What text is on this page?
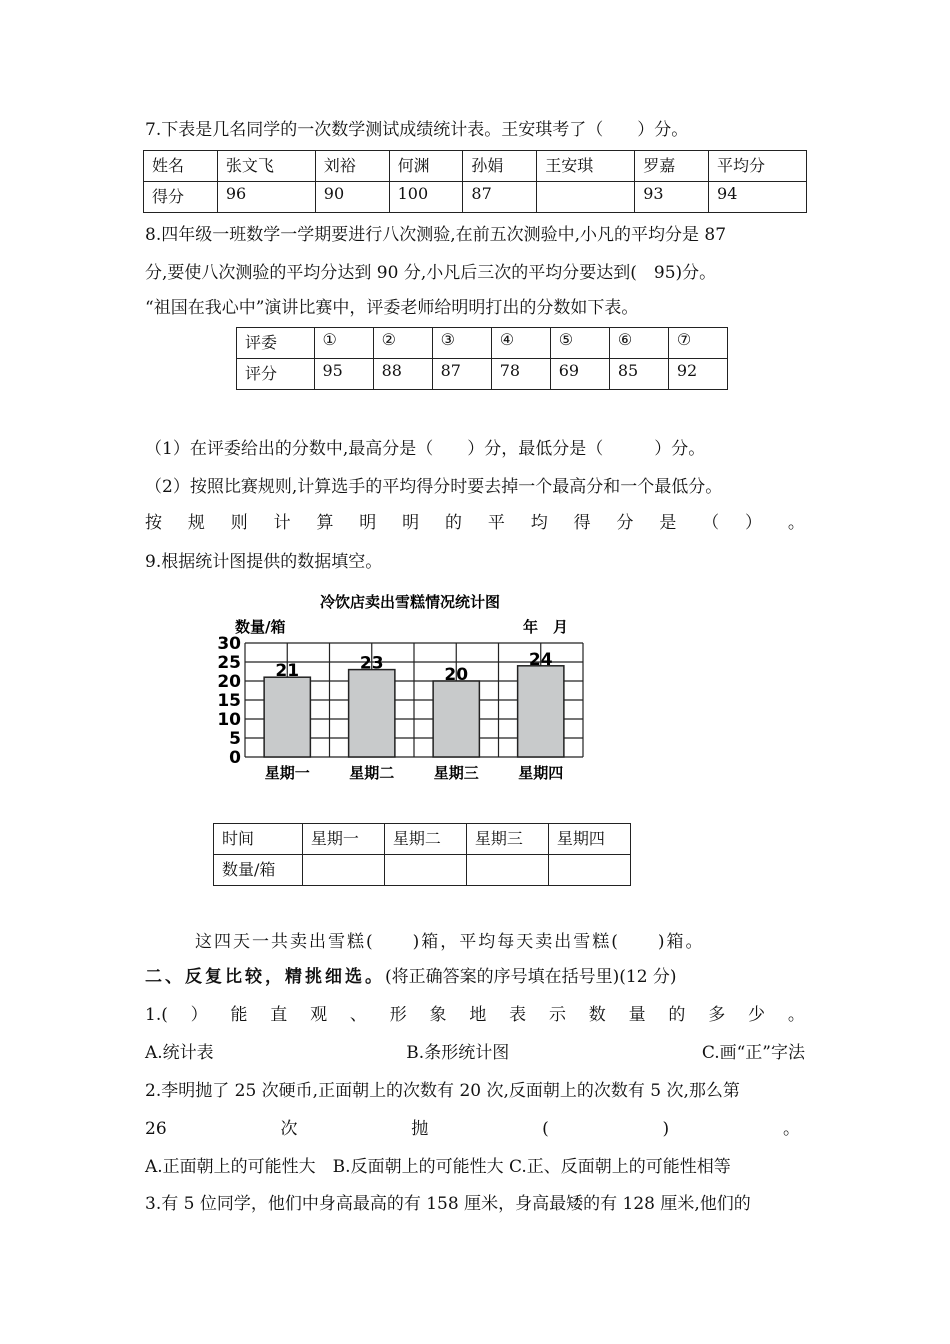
7.下表是几名同学的一次数学测试成绩统计表。王安琪考了（　　）分。
姓名	张文飞	刘裕	何渊	孙娟	王安琪	罗嘉	平均分
得分	96	90	100	87		93	94
8.四年级一班数学一学期要进行八次测验,在前五次测验中,小凡的平均分是 87
分,要使八次测验的平均分达到 90 分,小凡后三次的平均分要达到(　95)分。
“祖国在我心中”演讲比赛中，评委老师给明明打出的分数如下表。
评委	①	②	③	④	⑤	⑥	⑦
评分	95	88	87	78	69	85	92
（1）在评委给出的分数中,最高分是（　　）分，最低分是（　　　）分。
（2）按照比赛规则,计算选手的平均得分时要去掉一个最高分和一个最低分。
按 规 则 计 算 明 明 的 平 均 得 分 是 （ ） 。
9.根据统计图提供的数据填空。
冷饮店卖出雪糕情况统计图
数量/箱	年　月
21	23
20
24
30
25
20
15
10
5
0
星期一	星期二	星期三	星期四
时间	星期一	星期二	星期三	星期四
数量/箱				
这四天一共卖出雪糕(　　)箱，平均每天卖出雪糕(　　)箱。
二、反复比较，精挑细选。(将正确答案的序号填在括号里)(12 分)
1.( ） 能 直 观 、 形 象 地 表 示 数 量 的 多 少 。
A.统计表	B.条形统计图	C.画“正”字法
2.李明抛了 25 次硬币,正面朝上的次数有 20 次,反面朝上的次数有 5 次,那么第
26	次	抛	(	)	。
A.正面朝上的可能性大　B.反面朝上的可能性大 C.正、反面朝上的可能性相等
3.有 5 位同学，他们中身高最高的有 158 厘米，身高最矮的有 128 厘米,他们的
